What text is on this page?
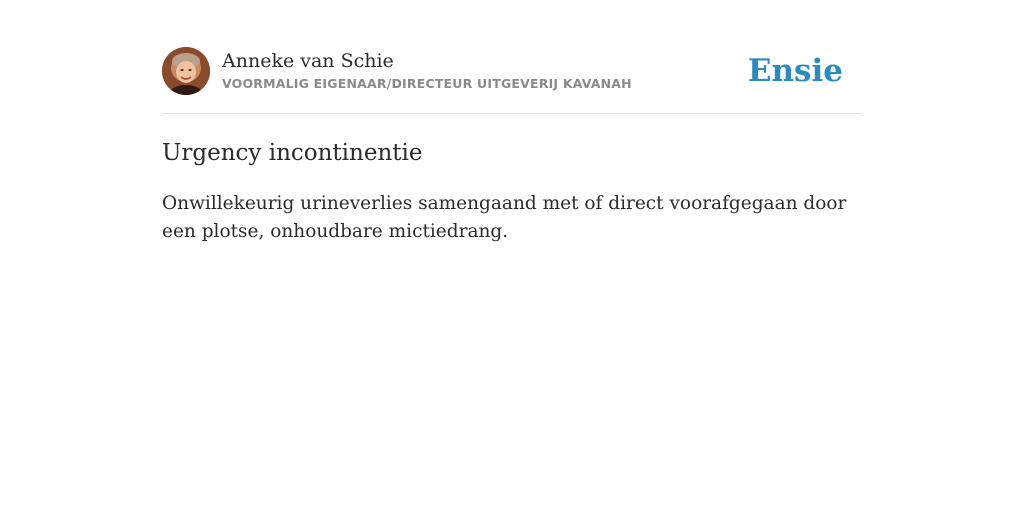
Anneke van Schie
VOORMALIG EIGENAAR/DIRECTEUR UITGEVERIJ KAVANAH	Ensie
Urgency incontinentie
Onwillekeurig urineverlies samengaand met of direct voorafgegaan door een plotse, onhoudbare mictiedrang.
